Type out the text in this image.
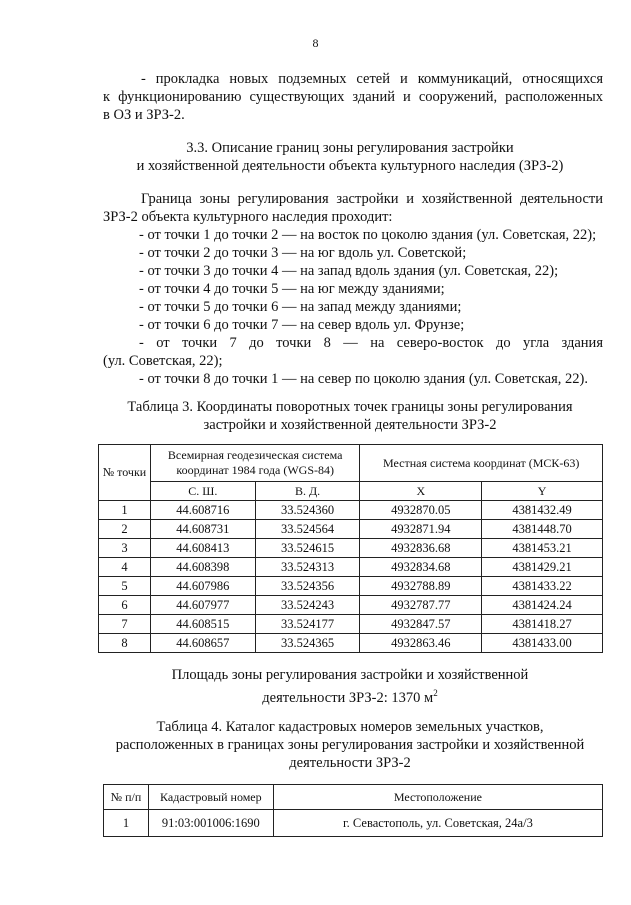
8
- прокладка новых подземных сетей и коммуникаций, относящихся
к функционированию существующих зданий и сооружений, расположенных
в ОЗ и ЗРЗ-2.
3.3. Описание границ зоны регулирования застройки
и хозяйственной деятельности объекта культурного наследия (ЗРЗ-2)
Граница зоны регулирования застройки и хозяйственной деятельности
ЗРЗ-2 объекта культурного наследия проходит:
- от точки 1 до точки 2 — на восток по цоколю здания (ул. Советская, 22);
- от точки 2 до точки 3 — на юг вдоль ул. Советской;
- от точки 3 до точки 4 — на запад вдоль здания (ул. Советская, 22);
- от точки 4 до точки 5 — на юг между зданиями;
- от точки 5 до точки 6 — на запад между зданиями;
- от точки 6 до точки 7 — на север вдоль ул. Фрунзе;
- от точки 7 до точки 8 — на северо-восток до угла здания
(ул. Советская, 22);
- от точки 8 до точки 1 — на север по цоколю здания (ул. Советская, 22).
Таблица 3. Координаты поворотных точек границы зоны регулирования
застройки и хозяйственной деятельности ЗРЗ-2
№ точки	Всемирная геодезическая система координат 1984 года (WGS-84)		Местная система координат (МСК-63)	
	С. Ш.	В. Д.	X	Y
1	44.608716	33.524360	4932870.05	4381432.49
2	44.608731	33.524564	4932871.94	4381448.70
3	44.608413	33.524615	4932836.68	4381453.21
4	44.608398	33.524313	4932834.68	4381429.21
5	44.607986	33.524356	4932788.89	4381433.22
6	44.607977	33.524243	4932787.77	4381424.24
7	44.608515	33.524177	4932847.57	4381418.27
8	44.608657	33.524365	4932863.46	4381433.00
Площадь зоны регулирования застройки и хозяйственной
деятельности ЗРЗ-2: 1370 $м^2$
Таблица 4. Каталог кадастровых номеров земельных участков,
расположенных в границах зоны регулирования застройки и хозяйственной
деятельности ЗРЗ-2
№ п/п	Кадастровый номер	Местоположение
1	91:03:001006:1690	г. Севастополь, ул. Советская, 24а/3
